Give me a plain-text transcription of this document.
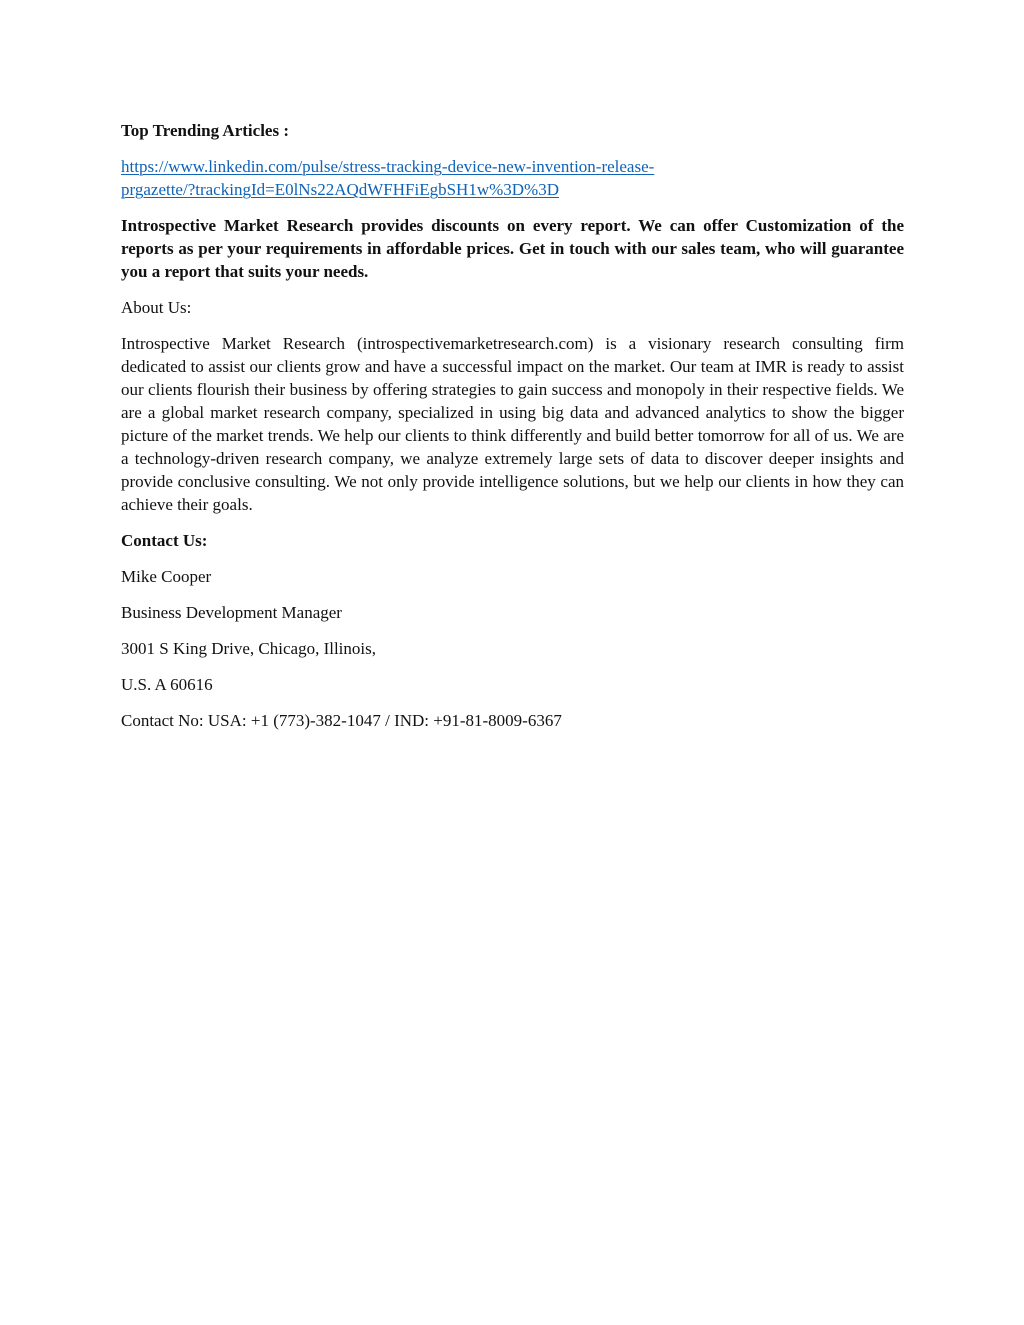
Top Trending Articles :

https://www.linkedin.com/pulse/stress-tracking-device-new-invention-release-
prgazette/?trackingId=E0lNs22AQdWFHFiEgbSH1w%3D%3D

Introspective Market Research provides discounts on every report. We can offer Customization of the reports as per your requirements in affordable prices. Get in touch with our sales team, who will guarantee you a report that suits your needs.

About Us:

Introspective Market Research (introspectivemarketresearch.com) is a visionary research consulting firm dedicated to assist our clients grow and have a successful impact on the market. Our team at IMR is ready to assist our clients flourish their business by offering strategies to gain success and monopoly in their respective fields. We are a global market research company, specialized in using big data and advanced analytics to show the bigger picture of the market trends. We help our clients to think differently and build better tomorrow for all of us. We are a technology-driven research company, we analyze extremely large sets of data to discover deeper insights and provide conclusive consulting. We not only provide intelligence solutions, but we help our clients in how they can achieve their goals.

Contact Us:

Mike Cooper

Business Development Manager

3001 S King Drive, Chicago, Illinois,

U.S. A 60616

Contact No: USA: +1 (773)-382-1047 / IND: +91-81-8009-6367
